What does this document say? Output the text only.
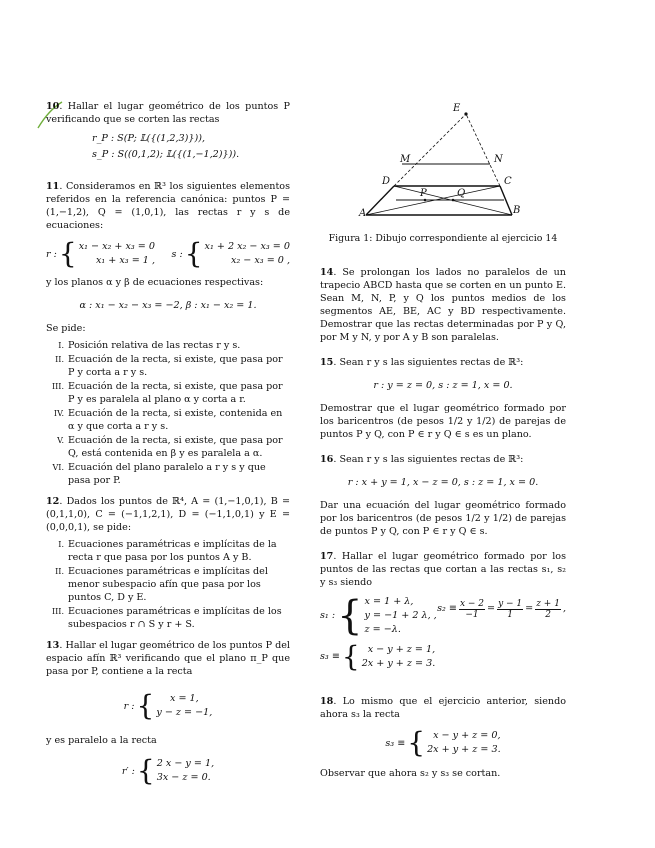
10. Hallar el lugar geométrico de los puntos P verificando que se corten las rectas

r_P : S(P; 𝕃({(1,2,3)})),
s_P : S((0,1,2); 𝕃({(1,−1,2)})).

11. Consideramos en ℝ³ los siguientes elementos referidos en la referencia canónica: puntos P = (1,−1,2), Q = (1,0,1), las rectas r y s de ecuaciones:

r : { x₁ − x₂ + x₃ = 0
x₁ + x₃ = 1 ,
s : { x₁ + 2 x₂ − x₃ = 0
x₂ − x₃ = 0 ,

y los planos α y β de ecuaciones respectivas:

α : x₁ − x₂ − x₃ = −2, β : x₁ − x₂ = 1.

Se pide:

I. Posición relativa de las rectas r y s.
II. Ecuación de la recta, si existe, que pasa por P y corta a r y s.
III. Ecuación de la recta, si existe, que pasa por P y es paralela al plano α y corta a r.
IV. Ecuación de la recta, si existe, contenida en α y que corta a r y s.
V. Ecuación de la recta, si existe, que pasa por Q, está contenida en β y es paralela a α.
VI. Ecuación del plano paralelo a r y s y que pasa por P.

12. Dados los puntos de ℝ⁴, A = (1,−1,0,1), B = (0,1,1,0), C = (−1,1,2,1), D = (−1,1,0,1) y E = (0,0,0,1), se pide:

I. Ecuaciones paramétricas e implícitas de la recta r que pasa por los puntos A y B.
II. Ecuaciones paramétricas e implícitas del menor subespacio afín que pasa por los puntos C, D y E.
III. Ecuaciones paramétricas e implícitas de los subespacios r ∩ S y r + S.

13. Hallar el lugar geométrico de los puntos P del espacio afín ℝ³ verificando que el plano π_P que pasa por P, contiene a la recta

r : {	x = 1,
y − z = −1,

y es paralelo a la recta

r′ : { 2 x − y = 1,
3x − z = 0.
E
M	N
D	C
P	Q
A	B
Figura 1: Dibujo correspondiente al ejercicio 14

14. Se prolongan los lados no paralelos de un trapecio ABCD hasta que se corten en un punto E. Sean M, N, P, y Q los puntos medios de los segmentos AE, BE, AC y BD respectivamente. Demostrar que las rectas determinadas por P y Q, por M y N, y por A y B son paralelas.

15. Sean r y s las siguientes rectas de ℝ³:

r : y = z = 0, s : z = 1, x = 0.

Demostrar que el lugar geométrico formado por los baricentros (de pesos 1/2 y 1/2) de parejas de puntos P y Q, con P ∈ r y Q ∈ s es un plano.

16. Sean r y s las siguientes rectas de ℝ³:

r : x + y = 1, x − z = 0, s : z = 1, x = 0.

Dar una ecuación del lugar geométrico formado por los baricentros (de pesos 1/2 y 1/2) de parejas de puntos P y Q, con P ∈ r y Q ∈ s.

17. Hallar el lugar geométrico formado por los puntos de las rectas que cortan a las rectas s₁, s₂ y s₃ siendo

s₁ : { x = 1 + λ,
y = −1 + 2 λ, ,
z = −λ.
$s_2 \equiv \frac{x - 2}{-1} = \frac{y - 1}{1} = \frac{z + 1}{2}$ ,
s₃ ≡ { x − y + z = 1,
2x + y + z = 3.

18. Lo mismo que el ejercicio anterior, siendo ahora s₃ la recta

s₃ ≡ { x − y + z = 0,
2x + y + z = 3.

Observar que ahora s₂ y s₃ se cortan.
